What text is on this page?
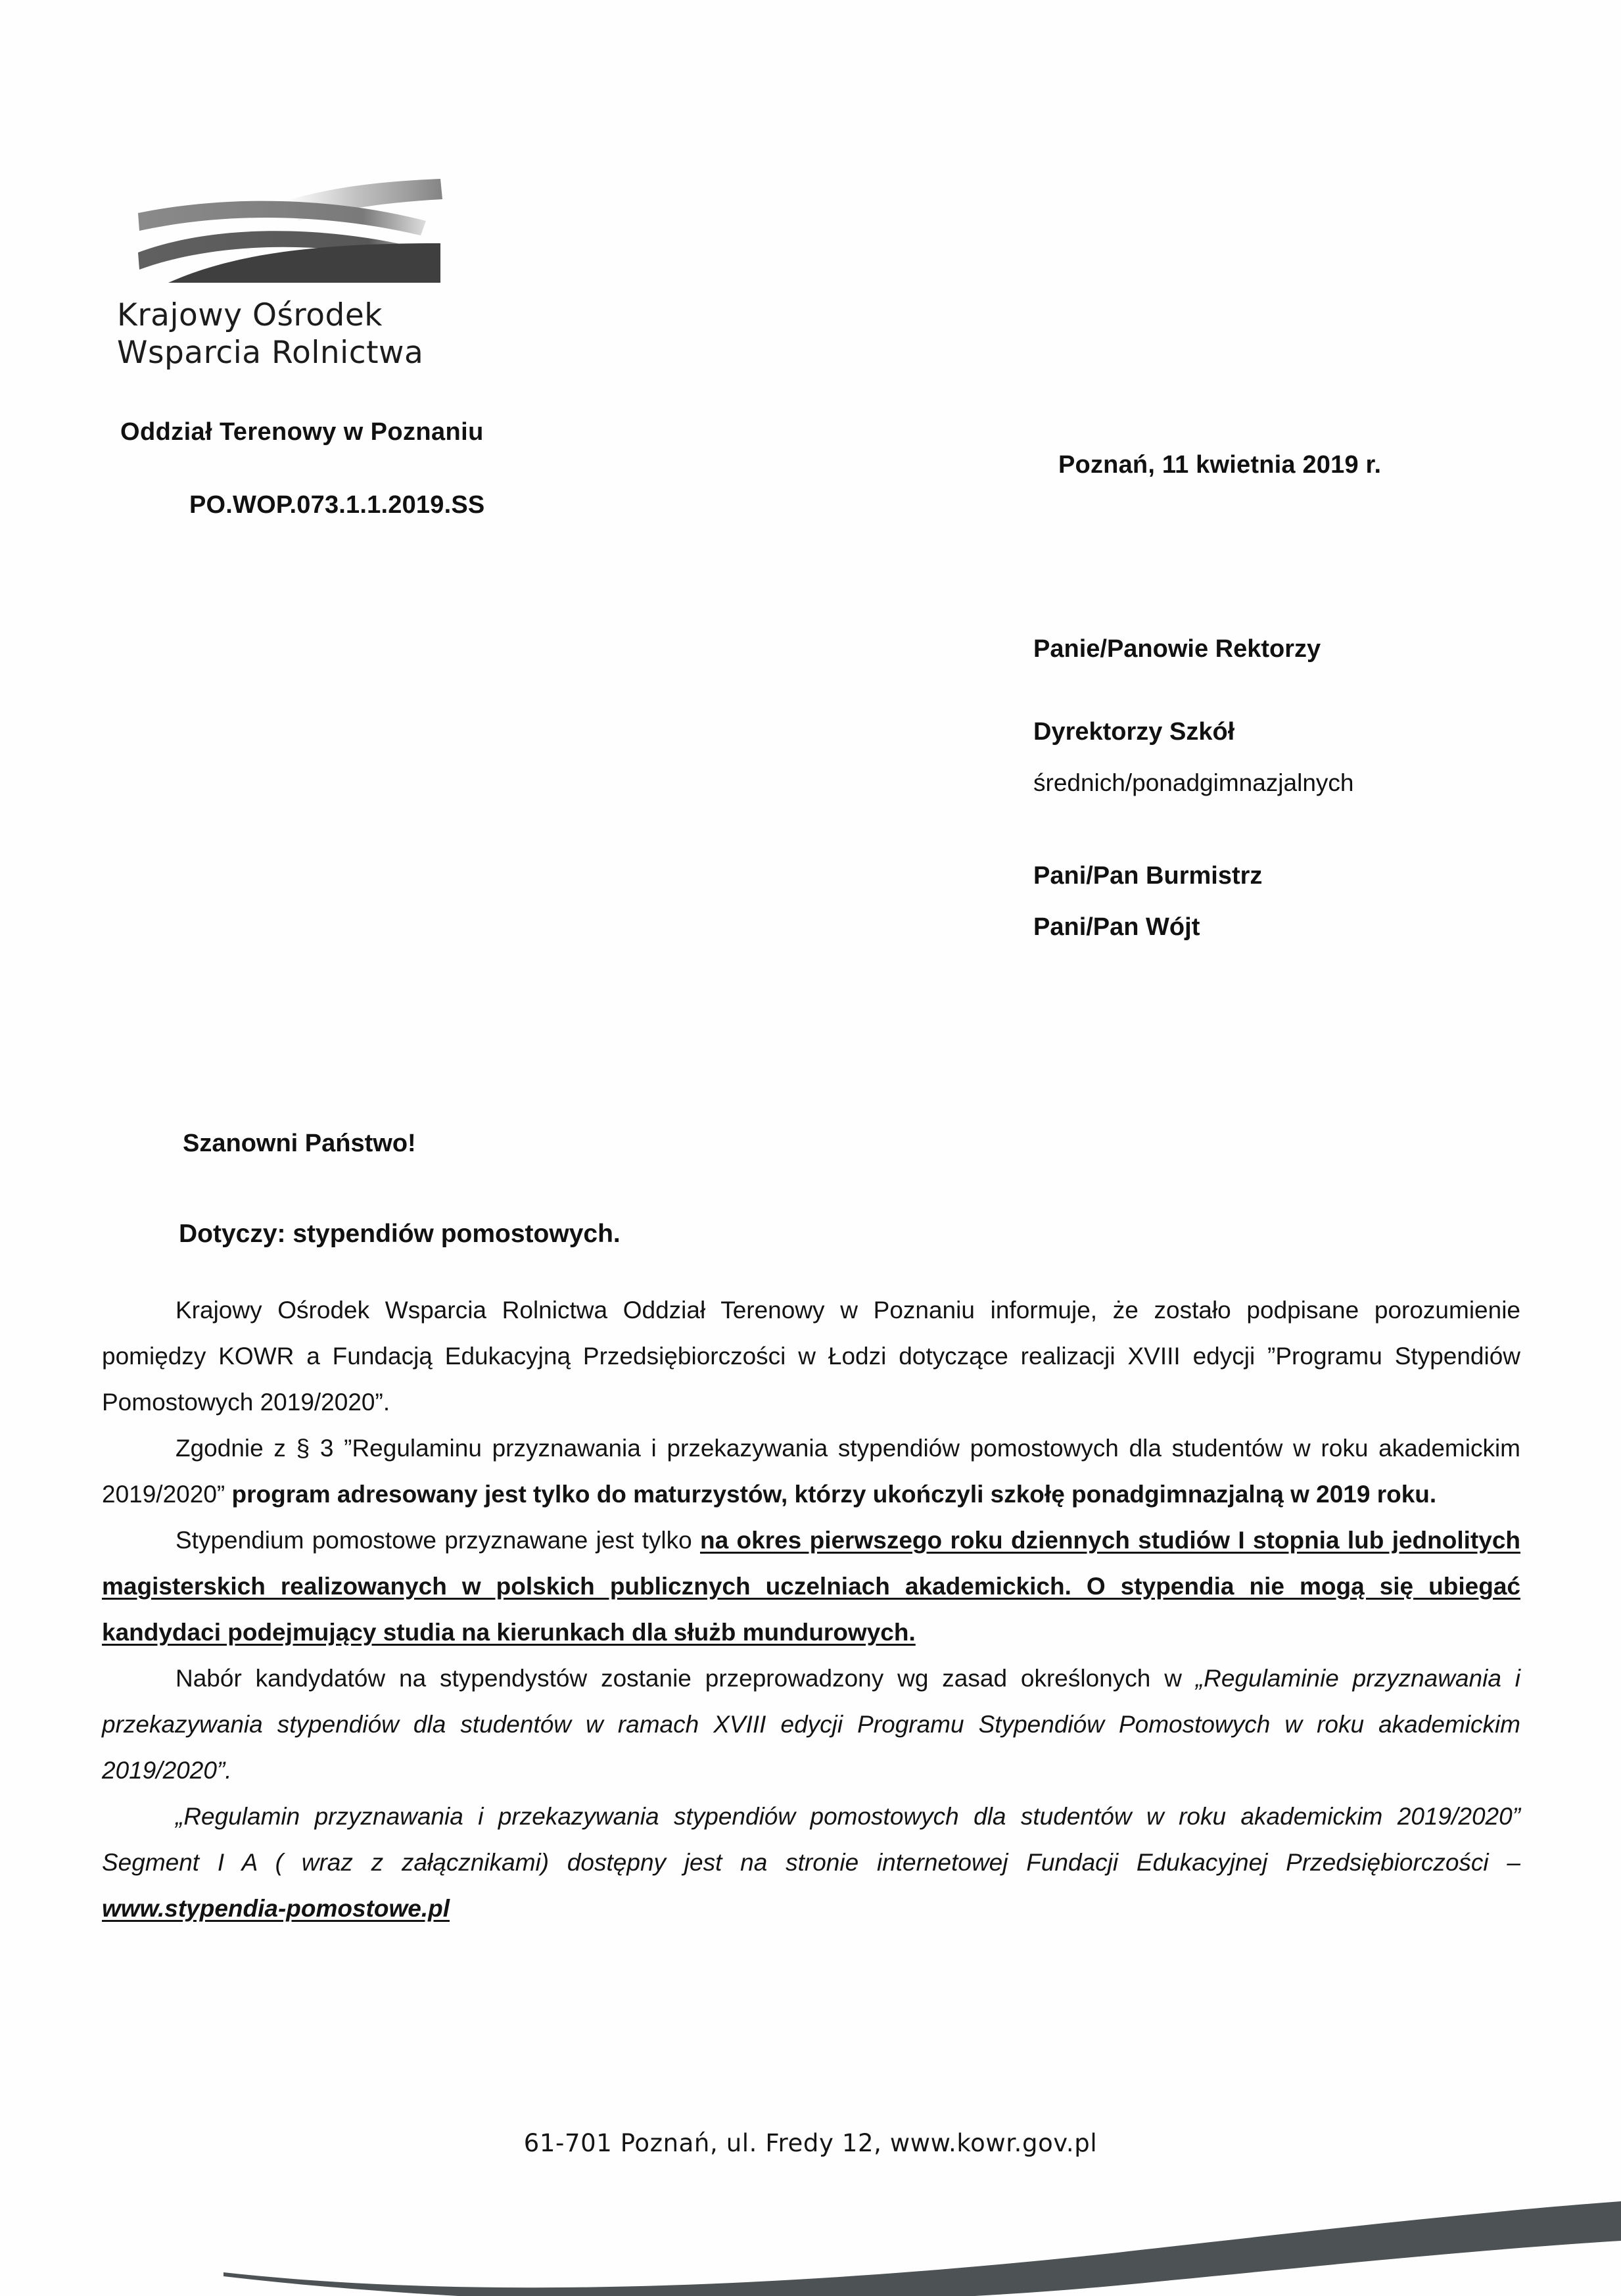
Krajowy Ośrodek
Wsparcia Rolnictwa
Oddział Terenowy w Poznaniu
PO.WOP.073.1.1.2019.SS
Poznań, 11 kwietnia 2019 r.
Panie/Panowie Rektorzy
Dyrektorzy Szkół
średnich/ponadgimnazjalnych
Pani/Pan Burmistrz
Pani/Pan Wójt
Szanowni Państwo!
Dotyczy: stypendiów pomostowych.

Krajowy Ośrodek Wsparcia Rolnictwa Oddział Terenowy w Poznaniu informuje, że zostało podpisane porozumienie pomiędzy KOWR a Fundacją Edukacyjną Przedsiębiorczości w Łodzi dotyczące realizacji XVIII edycji ”Programu Stypendiów Pomostowych 2019/2020”.

Zgodnie z § 3 ”Regulaminu przyznawania i przekazywania stypendiów pomostowych dla studentów w roku akademickim 2019/2020” program adresowany jest tylko do maturzystów, którzy ukończyli szkołę ponadgimnazjalną w 2019 roku.

Stypendium pomostowe przyznawane jest tylko na okres pierwszego roku dziennych studiów I stopnia lub jednolitych magisterskich realizowanych w polskich publicznych uczelniach akademickich. O stypendia nie mogą się ubiegać kandydaci podejmujący studia na kierunkach dla służb mundurowych.

Nabór kandydatów na stypendystów zostanie przeprowadzony wg zasad określonych w „Regulaminie przyznawania i przekazywania stypendiów dla studentów w ramach XVIII edycji Programu Stypendiów Pomostowych w roku akademickim 2019/2020”.

„Regulamin przyznawania i przekazywania stypendiów pomostowych dla studentów w roku akademickim 2019/2020” Segment I A ( wraz z załącznikami) dostępny jest na stronie internetowej Fundacji Edukacyjnej Przedsiębiorczości – www.stypendia-pomostowe.pl

61-701 Poznań, ul. Fredy 12, www.kowr.gov.pl
